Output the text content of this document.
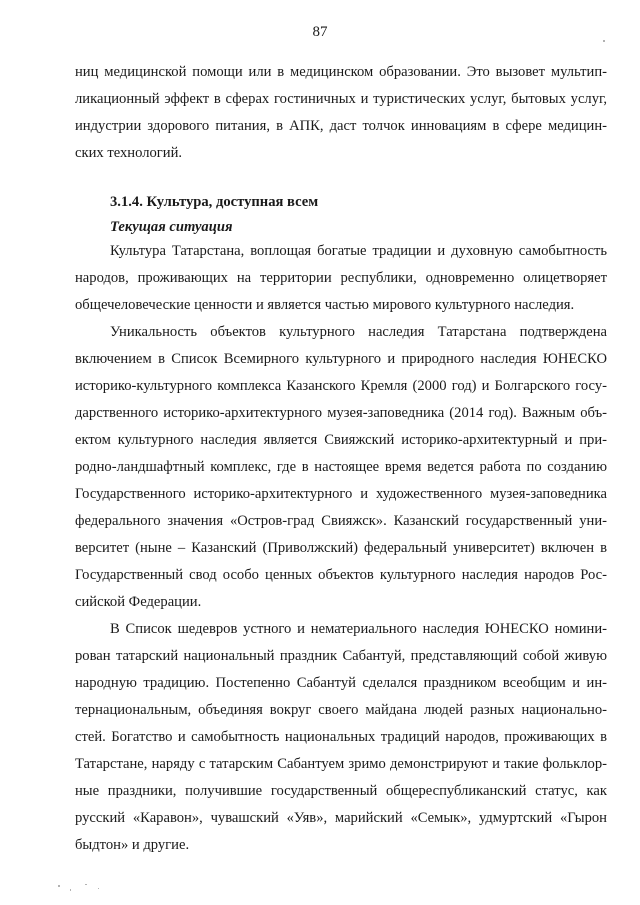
87
ниц медицинской помощи или в медицинском образовании. Это вызовет мультип-
ликационный эффект в сферах гостиничных и туристических услуг, бытовых услуг,
индустрии здорового питания, в АПК, даст толчок инновациям в сфере медицин-
ских технологий.
3.1.4. Культура, доступная всем
Текущая ситуация
Культура Татарстана, воплощая богатые традиции и духовную самобытность
народов, проживающих на территории республики, одновременно олицетворяет
общечеловеческие ценности и является частью мирового культурного наследия.
Уникальность объектов культурного наследия Татарстана подтверждена
включением в Список Всемирного культурного и природного наследия ЮНЕСКО
историко-культурного комплекса Казанского Кремля (2000 год) и Болгарского госу-
дарственного историко-архитектурного музея-заповедника (2014 год). Важным объ-
ектом культурного наследия является Свияжский историко-архитектурный и при-
родно-ландшафтный комплекс, где в настоящее время ведется работа по созданию
Государственного историко-архитектурного и художественного музея-заповедника
федерального значения «Остров-град Свияжск». Казанский государственный уни-
верситет (ныне – Казанский (Приволжский) федеральный университет) включен в
Государственный свод особо ценных объектов культурного наследия народов Рос-
сийской Федерации.
В Список шедевров устного и нематериального наследия ЮНЕСКО номини-
рован татарский национальный праздник Сабантуй, представляющий собой живую
народную традицию. Постепенно Сабантуй сделался праздником всеобщим и ин-
тернациональным, объединяя вокруг своего майдана людей разных национально-
стей. Богатство и самобытность национальных традиций народов, проживающих в
Татарстане, наряду с татарским Сабантуем зримо демонстрируют и такие фольклор-
ные праздники, получившие государственный общереспубликанский статус, как
русский «Каравон», чувашский «Уяв», марийский «Семык», удмуртский «Гырон
быдтон» и другие.
